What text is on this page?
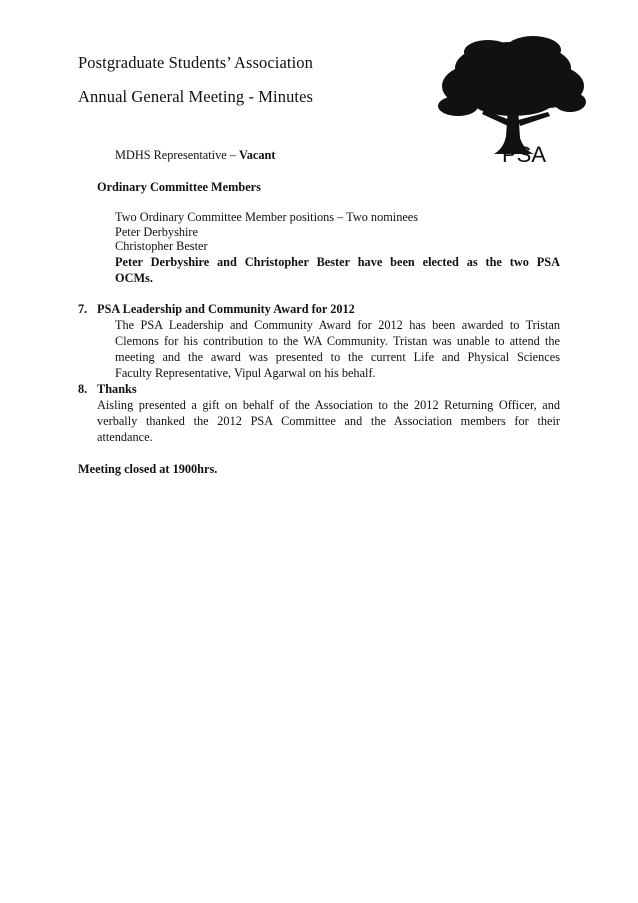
Postgraduate Students’ Association
Annual General Meeting - Minutes
PSA
MDHS Representative – Vacant
Ordinary Committee Members
Two Ordinary Committee Member positions – Two nominees
Peter Derbyshire
Christopher Bester
Peter Derbyshire and Christopher Bester have been elected as the two PSA
OCMs.
7. PSA Leadership and Community Award for 2012
The PSA Leadership and Community Award for 2012 has been awarded to Tristan
Clemons for his contribution to the WA Community. Tristan was unable to attend the
meeting and the award was presented to the current Life and Physical Sciences
Faculty Representative, Vipul Agarwal on his behalf.
8. Thanks
Aisling presented a gift on behalf of the Association to the 2012 Returning Officer, and
verbally thanked the 2012 PSA Committee and the Association members for their
attendance.
Meeting closed at 1900hrs.
